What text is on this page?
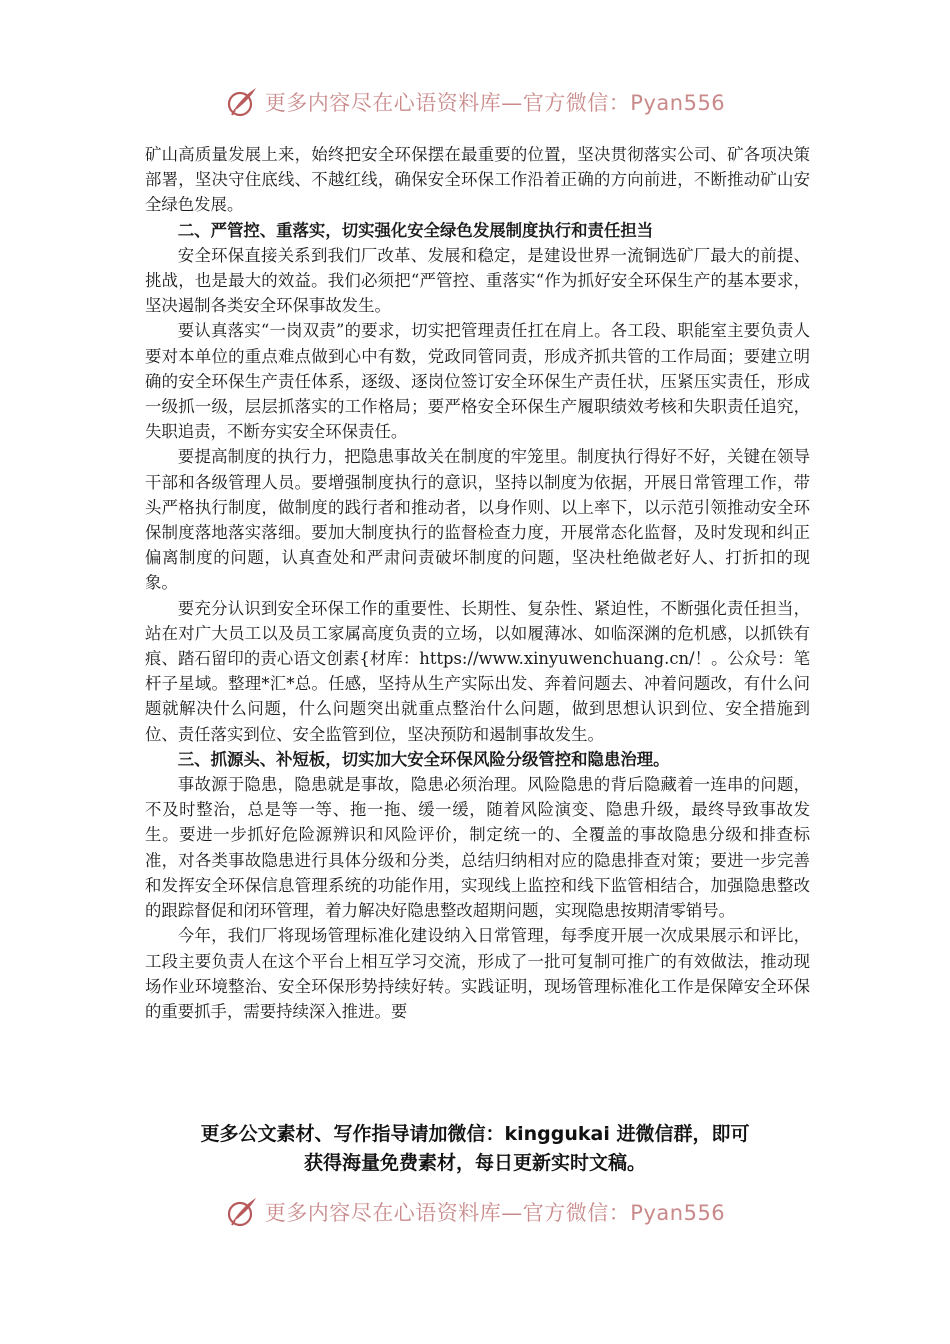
更多内容尽在心语资料库—官方微信：Pyan556

矿山高质量发展上来，始终把安全环保摆在最重要的位置，坚决贯彻落实公司、矿各项决策部署，坚决守住底线、不越红线，确保安全环保工作沿着正确的方向前进，不断推动矿山安全绿色发展。

二、严管控、重落实，切实强化安全绿色发展制度执行和责任担当

安全环保直接关系到我们厂改革、发展和稳定，是建设世界一流铜选矿厂最大的前提、挑战，也是最大的效益。我们必须把“严管控、重落实“作为抓好安全环保生产的基本要求，坚决遏制各类安全环保事故发生。

要认真落实“一岗双责”的要求，切实把管理责任扛在肩上。各工段、职能室主要负责人要对本单位的重点难点做到心中有数，党政同管同责，形成齐抓共管的工作局面；要建立明确的安全环保生产责任体系，逐级、逐岗位签订安全环保生产责任状，压紧压实责任，形成一级抓一级，层层抓落实的工作格局；要严格安全环保生产履职绩效考核和失职责任追究，失职追责，不断夯实安全环保责任。

要提高制度的执行力，把隐患事故关在制度的牢笼里。制度执行得好不好，关键在领导干部和各级管理人员。要增强制度执行的意识，坚持以制度为依据，开展日常管理工作，带头严格执行制度，做制度的践行者和推动者，以身作则、以上率下，以示范引领推动安全环保制度落地落实落细。要加大制度执行的监督检查力度，开展常态化监督，及时发现和纠正偏离制度的问题，认真查处和严肃问责破坏制度的问题，坚决杜绝做老好人、打折扣的现象。

要充分认识到安全环保工作的重要性、长期性、复杂性、紧迫性，不断强化责任担当，站在对广大员工以及员工家属高度负责的立场，以如履薄冰、如临深渊的危机感，以抓铁有痕、踏石留印的责心语文创素{材库：https://www.xinyuwenchuang.cn/！。公众号：笔杆子星域。整理*汇*总。任感，坚持从生产实际出发、奔着问题去、冲着问题改，有什么问题就解决什么问题，什么问题突出就重点整治什么问题，做到思想认识到位、安全措施到位、责任落实到位、安全监管到位，坚决预防和遏制事故发生。

三、抓源头、补短板，切实加大安全环保风险分级管控和隐患治理。

事故源于隐患，隐患就是事故，隐患必须治理。风险隐患的背后隐藏着一连串的问题，不及时整治，总是等一等、拖一拖、缓一缓，随着风险演变、隐患升级，最终导致事故发生。要进一步抓好危险源辨识和风险评价，制定统一的、全覆盖的事故隐患分级和排查标准，对各类事故隐患进行具体分级和分类，总结归纳相对应的隐患排查对策；要进一步完善和发挥安全环保信息管理系统的功能作用，实现线上监控和线下监管相结合，加强隐患整改的跟踪督促和闭环管理，着力解决好隐患整改超期问题，实现隐患按期清零销号。

今年，我们厂将现场管理标准化建设纳入日常管理，每季度开展一次成果展示和评比，工段主要负责人在这个平台上相互学习交流，形成了一批可复制可推广的有效做法，推动现场作业环境整治、安全环保形势持续好转。实践证明，现场管理标准化工作是保障安全环保的重要抓手，需要持续深入推进。要

更多公文素材、写作指导请加微信：kinggukai 进微信群，即可
获得海量免费素材，每日更新实时文稿。
更多内容尽在心语资料库—官方微信：Pyan556
